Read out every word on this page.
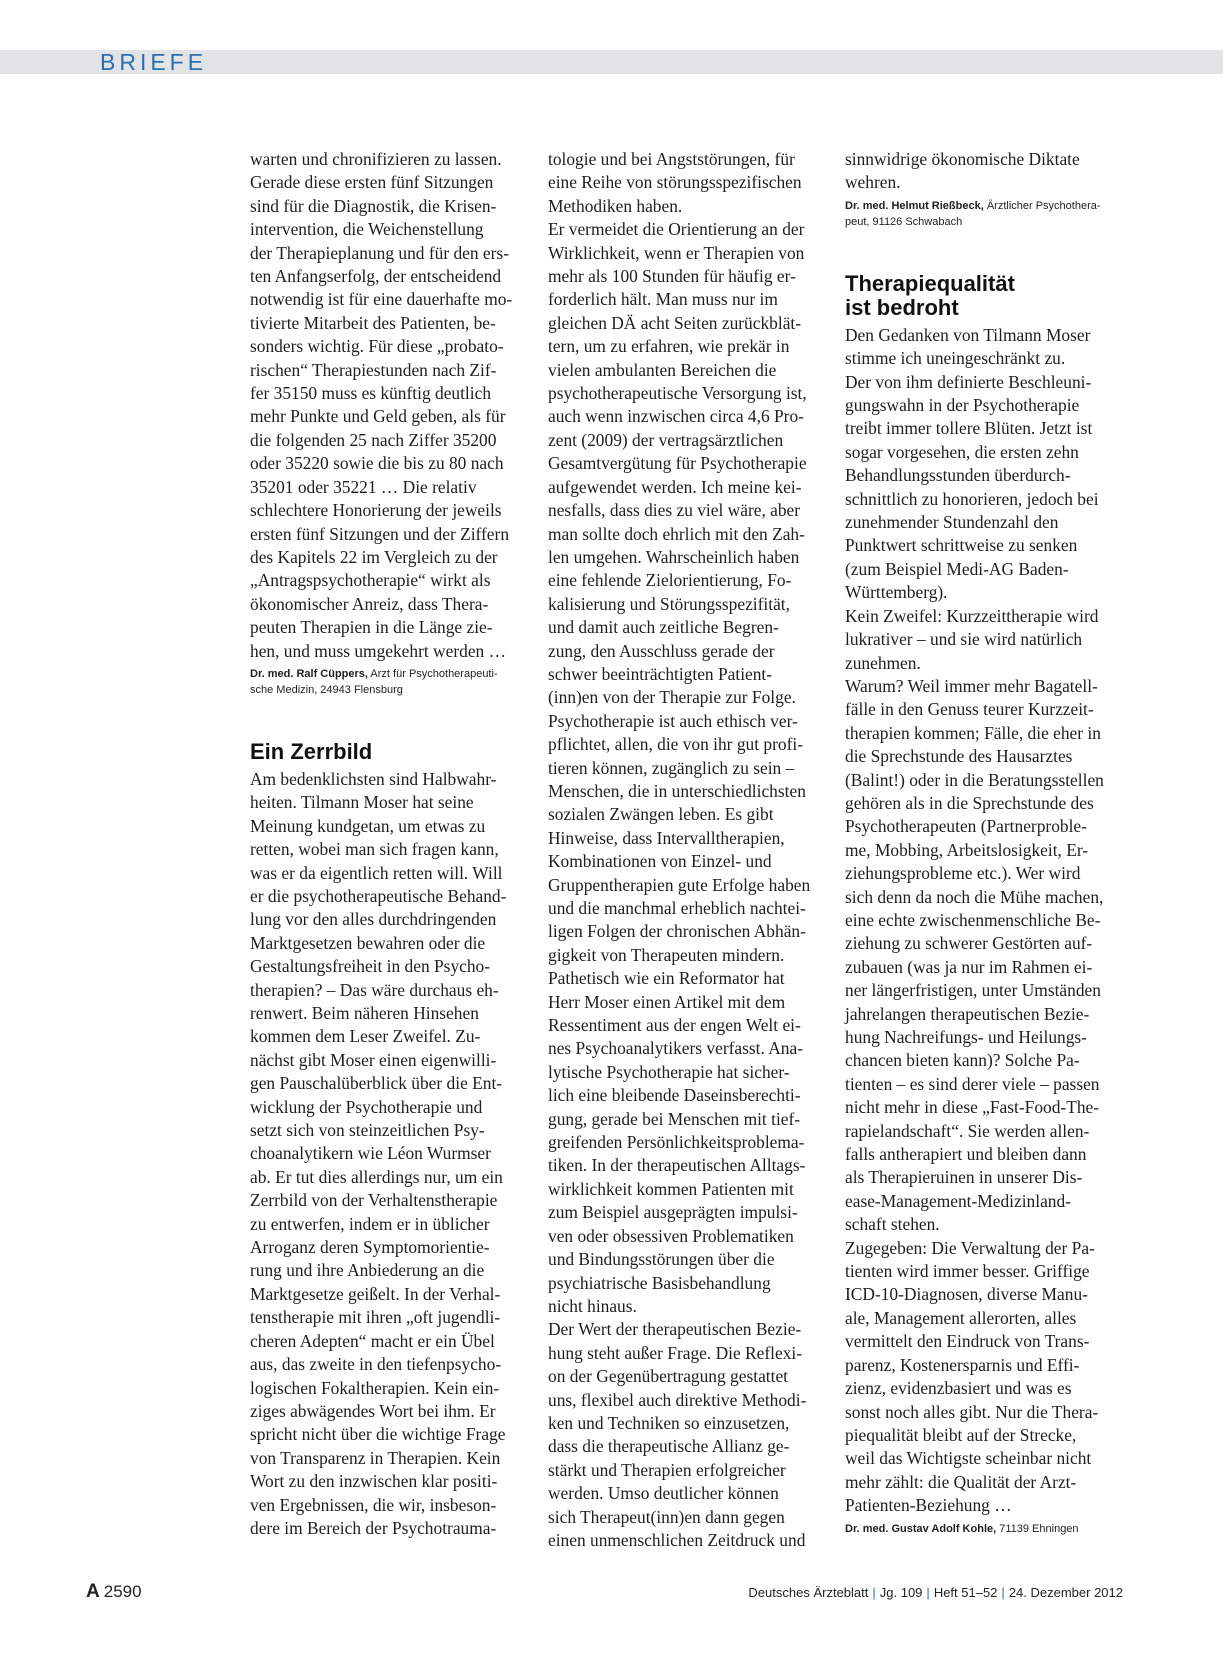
BRIEFE
warten und chronifizieren zu lassen.
Gerade diese ersten fünf Sitzungen
sind für die Diagnostik, die Krisen-
intervention, die Weichenstellung
der Therapieplanung und für den ers-
ten Anfangserfolg, der entscheidend
notwendig ist für eine dauerhafte mo-
tivierte Mitarbeit des Patienten, be-
sonders wichtig. Für diese „probato-
rischen“ Therapiestunden nach Zif-
fer 35150 muss es künftig deutlich
mehr Punkte und Geld geben, als für
die folgenden 25 nach Ziffer 35200
oder 35220 sowie die bis zu 80 nach
35201 oder 35221 … Die relativ
schlechtere Honorierung der jeweils
ersten fünf Sitzungen und der Ziffern
des Kapitels 22 im Vergleich zu der
„Antragspsychotherapie“ wirkt als
ökonomischer Anreiz, dass Thera-
peuten Therapien in die Länge zie-
hen, und muss umgekehrt werden …
Dr. med. Ralf Cüppers, Arzt für Psychotherapeuti-
sche Medizin, 24943 Flensburg
Ein Zerrbild
Am bedenklichsten sind Halbwahr-
heiten. Tilmann Moser hat seine
Meinung kundgetan, um etwas zu
retten, wobei man sich fragen kann,
was er da eigentlich retten will. Will
er die psychotherapeutische Behand-
lung vor den alles durchdringenden
Marktgesetzen bewahren oder die
Gestaltungsfreiheit in den Psycho-
therapien? – Das wäre durchaus eh-
renwert. Beim näheren Hinsehen
kommen dem Leser Zweifel. Zu-
nächst gibt Moser einen eigenwilli-
gen Pauschalüberblick über die Ent-
wicklung der Psychotherapie und
setzt sich von steinzeitlichen Psy-
choanalytikern wie Léon Wurmser
ab. Er tut dies allerdings nur, um ein
Zerrbild von der Verhaltenstherapie
zu entwerfen, indem er in üblicher
Arroganz deren Symptomorientie-
rung und ihre Anbiederung an die
Marktgesetze geißelt. In der Verhal-
tenstherapie mit ihren „oft jugendli-
cheren Adepten“ macht er ein Übel
aus, das zweite in den tiefenpsycho-
logischen Fokaltherapien. Kein ein-
ziges abwägendes Wort bei ihm. Er
spricht nicht über die wichtige Frage
von Transparenz in Therapien. Kein
Wort zu den inzwischen klar positi-
ven Ergebnissen, die wir, insbeson-
dere im Bereich der Psychotrauma-
tologie und bei Angststörungen, für
eine Reihe von störungsspezifischen
Methodiken haben.
Er vermeidet die Orientierung an der
Wirklichkeit, wenn er Therapien von
mehr als 100 Stunden für häufig er-
forderlich hält. Man muss nur im
gleichen DÄ acht Seiten zurückblät-
tern, um zu erfahren, wie prekär in
vielen ambulanten Bereichen die
psychotherapeutische Versorgung ist,
auch wenn inzwischen circa 4,6 Pro-
zent (2009) der vertragsärztlichen
Gesamtvergütung für Psychotherapie
aufgewendet werden. Ich meine kei-
nesfalls, dass dies zu viel wäre, aber
man sollte doch ehrlich mit den Zah-
len umgehen. Wahrscheinlich haben
eine fehlende Zielorientierung, Fo-
kalisierung und Störungsspezifität,
und damit auch zeitliche Begren-
zung, den Ausschluss gerade der
schwer beeinträchtigten Patient-
(inn)en von der Therapie zur Folge.
Psychotherapie ist auch ethisch ver-
pflichtet, allen, die von ihr gut profi-
tieren können, zugänglich zu sein –
Menschen, die in unterschiedlichsten
sozialen Zwängen leben. Es gibt
Hinweise, dass Intervalltherapien,
Kombinationen von Einzel- und
Gruppentherapien gute Erfolge haben
und die manchmal erheblich nachtei-
ligen Folgen der chronischen Abhän-
gigkeit von Therapeuten mindern.
Pathetisch wie ein Reformator hat
Herr Moser einen Artikel mit dem
Ressentiment aus der engen Welt ei-
nes Psychoanalytikers verfasst. Ana-
lytische Psychotherapie hat sicher-
lich eine bleibende Daseinsberechti-
gung, gerade bei Menschen mit tief-
greifenden Persönlichkeitsproblema-
tiken. In der therapeutischen Alltags-
wirklichkeit kommen Patienten mit
zum Beispiel ausgeprägten impulsi-
ven oder obsessiven Problematiken
und Bindungsstörungen über die
psychiatrische Basisbehandlung
nicht hinaus.
Der Wert der therapeutischen Bezie-
hung steht außer Frage. Die Reflexi-
on der Gegenübertragung gestattet
uns, flexibel auch direktive Methodi-
ken und Techniken so einzusetzen,
dass die therapeutische Allianz ge-
stärkt und Therapien erfolgreicher
werden. Umso deutlicher können
sich Therapeut(inn)en dann gegen
einen unmenschlichen Zeitdruck und
sinnwidrige ökonomische Diktate
wehren.
Dr. med. Helmut Rießbeck, Ärztlicher Psychothera-
peut, 91126 Schwabach
Therapiequalität
ist bedroht
Den Gedanken von Tilmann Moser
stimme ich uneingeschränkt zu.
Der von ihm definierte Beschleuni-
gungswahn in der Psychotherapie
treibt immer tollere Blüten. Jetzt ist
sogar vorgesehen, die ersten zehn
Behandlungsstunden überdurch-
schnittlich zu honorieren, jedoch bei
zunehmender Stundenzahl den
Punktwert schrittweise zu senken
(zum Beispiel Medi-AG Baden-
Württemberg).
Kein Zweifel: Kurzzeittherapie wird
lukrativer – und sie wird natürlich
zunehmen.
Warum? Weil immer mehr Bagatell-
fälle in den Genuss teurer Kurzzeit-
therapien kommen; Fälle, die eher in
die Sprechstunde des Hausarztes
(Balint!) oder in die Beratungsstellen
gehören als in die Sprechstunde des
Psychotherapeuten (Partnerproble-
me, Mobbing, Arbeitslosigkeit, Er-
ziehungsprobleme etc.). Wer wird
sich denn da noch die Mühe machen,
eine echte zwischenmenschliche Be-
ziehung zu schwerer Gestörten auf-
zubauen (was ja nur im Rahmen ei-
ner längerfristigen, unter Umständen
jahrelangen therapeutischen Bezie-
hung Nachreifungs- und Heilungs-
chancen bieten kann)? Solche Pa-
tienten – es sind derer viele – passen
nicht mehr in diese „Fast-Food-The-
rapielandschaft“. Sie werden allen-
falls antherapiert und bleiben dann
als Therapieruinen in unserer Dis-
ease-Management-Medizinland-
schaft stehen.
Zugegeben: Die Verwaltung der Pa-
tienten wird immer besser. Griffige
ICD-10-Diagnosen, diverse Manu-
ale, Management allerorten, alles
vermittelt den Eindruck von Trans-
parenz, Kostenersparnis und Effi-
zienz, evidenzbasiert und was es
sonst noch alles gibt. Nur die Thera-
piequalität bleibt auf der Strecke,
weil das Wichtigste scheinbar nicht
mehr zählt: die Qualität der Arzt-
Patienten-Beziehung …
Dr. med. Gustav Adolf Kohle, 71139 Ehningen
A 2590	Deutsches Ärzteblatt | Jg. 109 | Heft 51–52 | 24. Dezember 2012
